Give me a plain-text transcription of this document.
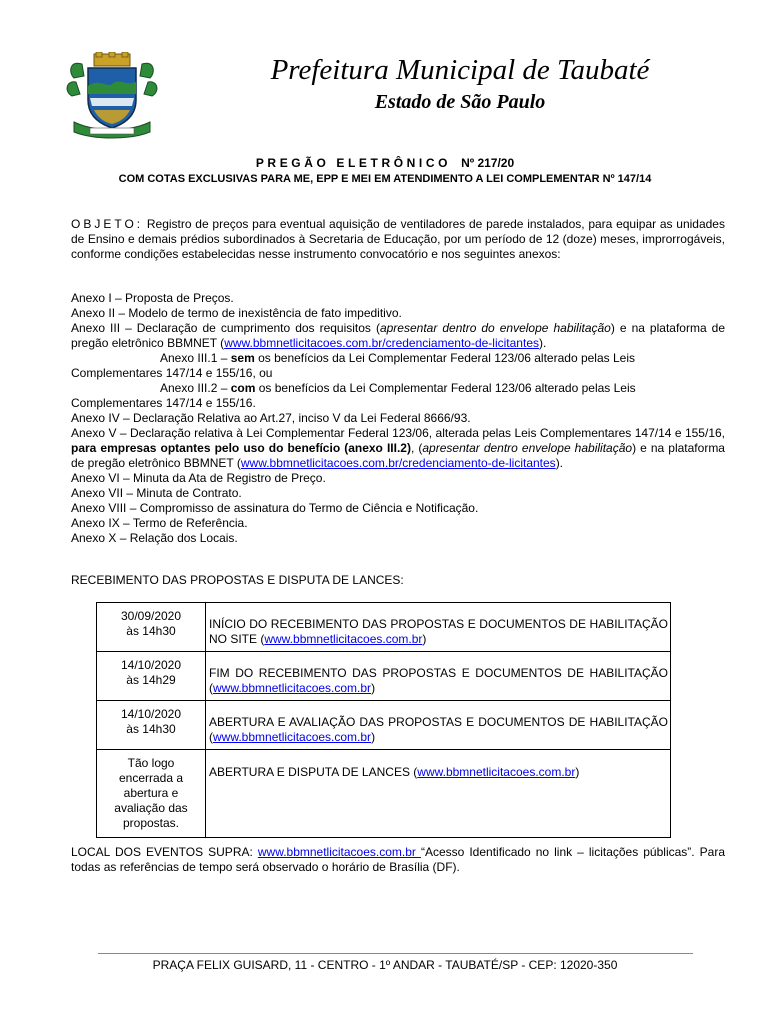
Prefeitura Municipal de Taubaté
Estado de São Paulo
PREGÃO ELETRÔNICO Nº 217/20
COM COTAS EXCLUSIVAS PARA ME, EPP E MEI EM ATENDIMENTO A LEI COMPLEMENTAR Nº 147/14
OBJETO: Registro de preços para eventual aquisição de ventiladores de parede instalados, para equipar as unidades de Ensino e demais prédios subordinados à Secretaria de Educação, por um período de 12 (doze) meses, improrrogáveis, conforme condições estabelecidas nesse instrumento convocatório e nos seguintes anexos:

Anexo I – Proposta de Preços.

Anexo II – Modelo de termo de inexistência de fato impeditivo.

Anexo III – Declaração de cumprimento dos requisitos (apresentar dentro do envelope habilitação) e na plataforma de pregão eletrônico BBMNET (www.bbmnetlicitacoes.com.br/credenciamento-de-licitantes).

Anexo III.1 – sem os benefícios da Lei Complementar Federal 123/06 alterado pelas Leis

Complementares 147/14 e 155/16, ou

Anexo III.2 – com os benefícios da Lei Complementar Federal 123/06 alterado pelas Leis

Complementares 147/14 e 155/16.

Anexo IV – Declaração Relativa ao Art.27, inciso V da Lei Federal 8666/93.

Anexo V – Declaração relativa à Lei Complementar Federal 123/06, alterada pelas Leis Complementares 147/14 e 155/16, para empresas optantes pelo uso do benefício (anexo III.2), (apresentar dentro envelope habilitação) e na plataforma de pregão eletrônico BBMNET (www.bbmnetlicitacoes.com.br/credenciamento-de-licitantes).

Anexo VI – Minuta da Ata de Registro de Preço.

Anexo VII – Minuta de Contrato.

Anexo VIII – Compromisso de assinatura do Termo de Ciência e Notificação.

Anexo IX – Termo de Referência.

Anexo X – Relação dos Locais.

RECEBIMENTO DAS PROPOSTAS E DISPUTA DE LANCES:
30/09/2020
às 14h30	INÍCIO DO RECEBIMENTO DAS PROPOSTAS E DOCUMENTOS DE HABILITAÇÃO NO SITE (www.bbmnetlicitacoes.com.br)

14/10/2020
às 14h29	FIM DO RECEBIMENTO DAS PROPOSTAS E DOCUMENTOS DE HABILITAÇÃO (www.bbmnetlicitacoes.com.br)

14/10/2020
às 14h30	ABERTURA E AVALIAÇÃO DAS PROPOSTAS E DOCUMENTOS DE HABILITAÇÃO (www.bbmnetlicitacoes.com.br)

Tão logo encerrada a abertura e avaliação das propostas.	ABERTURA E DISPUTA DE LANCES (www.bbmnetlicitacoes.com.br)
LOCAL DOS EVENTOS SUPRA: www.bbmnetlicitacoes.com.br “Acesso Identificado no link – licitações públicas”. Para todas as referências de tempo será observado o horário de Brasília (DF).
PRAÇA FELIX GUISARD, 11 - CENTRO - 1º ANDAR - TAUBATÉ/SP - CEP: 12020-350
